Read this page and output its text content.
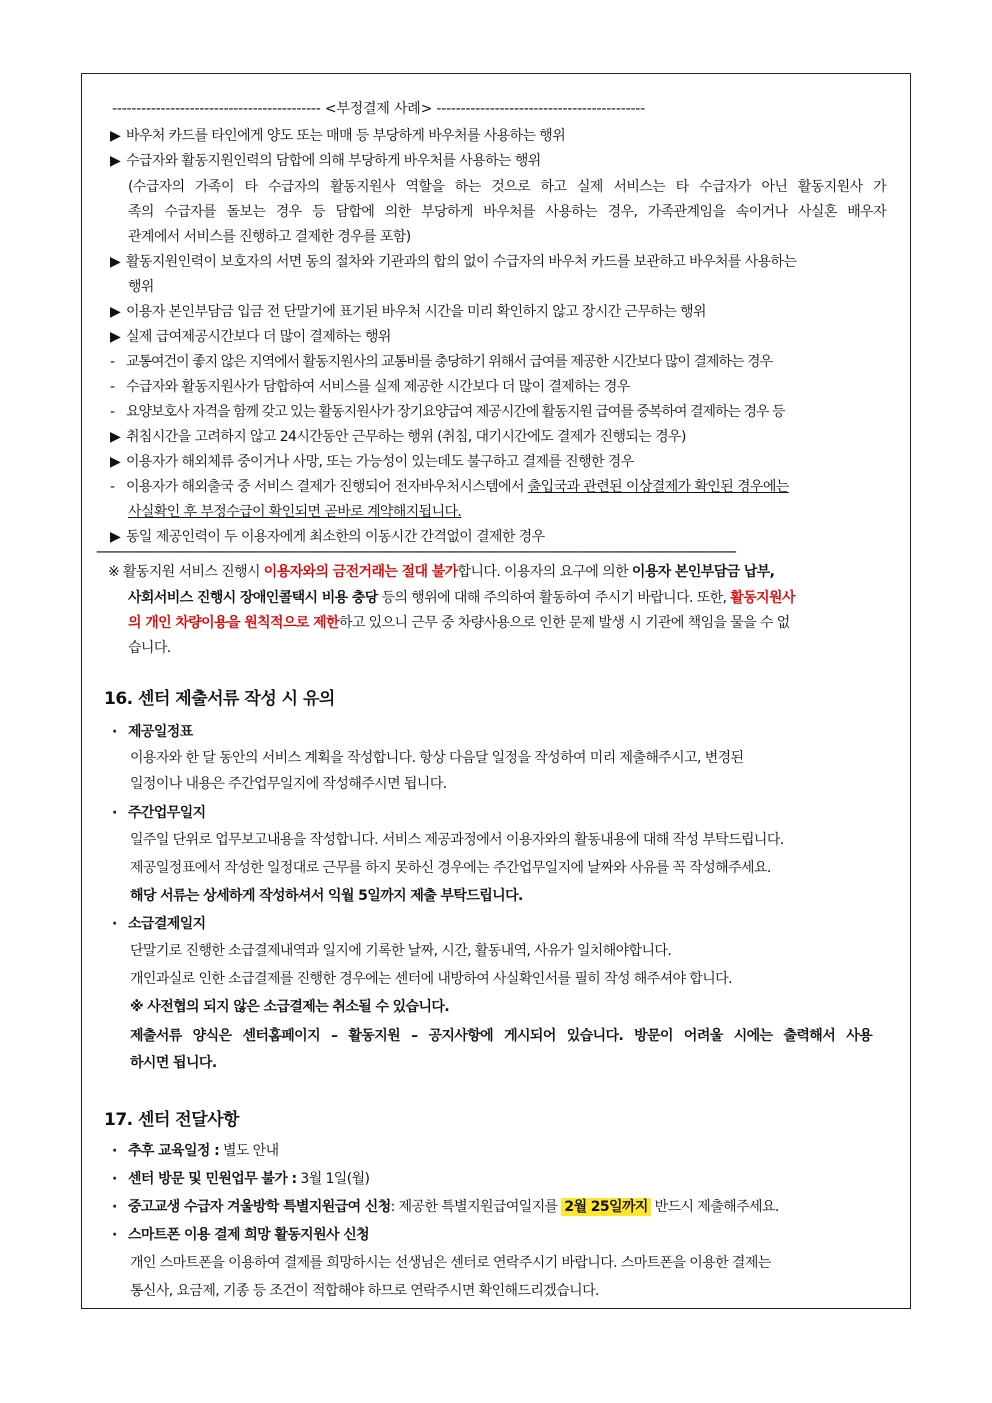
------------------------------------------- <부정결제 사례> -------------------------------------------
▶ 바우처 카드를 타인에게 양도 또는 매매 등 부당하게 바우처를 사용하는 행위
▶ 수급자와 활동지원인력의 담합에 의해 부당하게 바우처를 사용하는 행위
(수급자의 가족이 타 수급자의 활동지원사 역할을 하는 것으로 하고 실제 서비스는 타 수급자가 아닌 활동지원사 가
족의 수급자를 돌보는 경우 등 담합에 의한 부당하게 바우처를 사용하는 경우, 가족관계임을 속이거나 사실혼 배우자
관계에서 서비스를 진행하고 결제한 경우를 포함)
▶ 활동지원인력이 보호자의 서면 동의 절차와 기관과의 합의 없이 수급자의 바우처 카드를 보관하고 바우처를 사용하는
행위
▶ 이용자 본인부담금 입금 전 단말기에 표기된 바우처 시간을 미리 확인하지 않고 장시간 근무하는 행위
▶ 실제 급여제공시간보다 더 많이 결제하는 행위
- 교통여건이 좋지 않은 지역에서 활동지원사의 교통비를 충당하기 위해서 급여를 제공한 시간보다 많이 결제하는 경우
- 수급자와 활동지원사가 담합하여 서비스를 실제 제공한 시간보다 더 많이 결제하는 경우
- 요양보호사 자격을 함께 갖고 있는 활동지원사가 장기요양급여 제공시간에 활동지원 급여를 중복하여 결제하는 경우 등
▶ 취침시간을 고려하지 않고 24시간동안 근무하는 행위 (취침, 대기시간에도 결제가 진행되는 경우)
▶ 이용자가 해외체류 중이거나 사망, 또는 가능성이 있는데도 불구하고 결제를 진행한 경우
- 이용자가 해외출국 중 서비스 결제가 진행되어 전자바우처시스템에서 출입국과 관련된 이상결제가 확인된 경우에는
사실확인 후 부정수급이 확인되면 곧바로 계약해지됩니다.
▶ 동일 제공인력이 두 이용자에게 최소한의 이동시간 간격없이 결제한 경우
------------------------------------------------------------------------------------------------------------------------------------------------------------------------------------
※ 활동지원 서비스 진행시 이용자와의 금전거래는 절대 불가합니다. 이용자의 요구에 의한 이용자 본인부담금 납부,
사회서비스 진행시 장애인콜택시 비용 충당 등의 행위에 대해 주의하여 활동하여 주시기 바랍니다. 또한, 활동지원사
의 개인 차량이용을 원칙적으로 제한하고 있으니 근무 중 차량사용으로 인한 문제 발생 시 기관에 책임을 물을 수 없
습니다.
16. 센터 제출서류 작성 시 유의
· 제공일정표
이용자와 한 달 동안의 서비스 계획을 작성합니다. 항상 다음달 일정을 작성하여 미리 제출해주시고, 변경된
일정이나 내용은 주간업무일지에 작성해주시면 됩니다.
· 주간업무일지
일주일 단위로 업무보고내용을 작성합니다. 서비스 제공과정에서 이용자와의 활동내용에 대해 작성 부탁드립니다.
제공일정표에서 작성한 일정대로 근무를 하지 못하신 경우에는 주간업무일지에 날짜와 사유를 꼭 작성해주세요.
해당 서류는 상세하게 작성하셔서 익월 5일까지 제출 부탁드립니다.
· 소급결제일지
단말기로 진행한 소급결제내역과 일지에 기록한 날짜, 시간, 활동내역, 사유가 일치해야합니다.
개인과실로 인한 소급결제를 진행한 경우에는 센터에 내방하여 사실확인서를 필히 작성 해주셔야 합니다.
※ 사전협의 되지 않은 소급결제는 취소될 수 있습니다.
제출서류 양식은 센터홈페이지 – 활동지원 – 공지사항에 게시되어 있습니다. 방문이 어려울 시에는 출력해서 사용
하시면 됩니다.
17. 센터 전달사항
· 추후 교육일정 : 별도 안내
· 센터 방문 및 민원업무 불가 : 3월 1일(월)
· 중고교생 수급자 겨울방학 특별지원급여 신청: 제공한 특별지원급여일지를 2월 25일까지 반드시 제출해주세요.
· 스마트폰 이용 결제 희망 활동지원사 신청
개인 스마트폰을 이용하여 결제를 희망하시는 선생님은 센터로 연락주시기 바랍니다. 스마트폰을 이용한 결제는
통신사, 요금제, 기종 등 조건이 적합해야 하므로 연락주시면 확인해드리겠습니다.
